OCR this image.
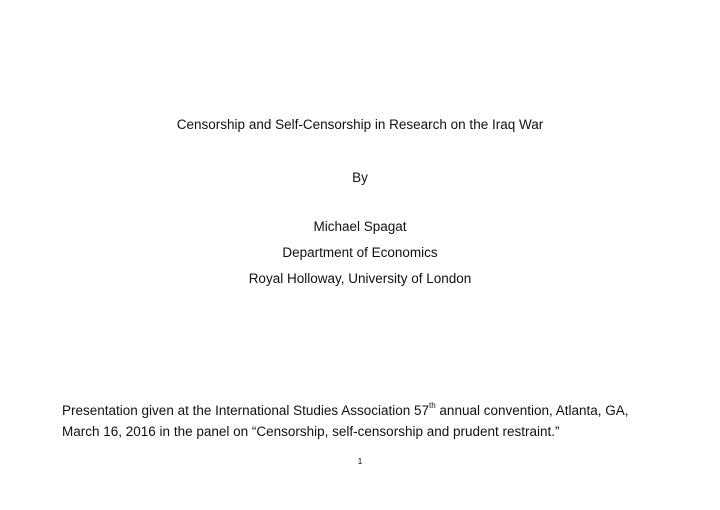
Censorship and Self-Censorship in Research on the Iraq War
By
Michael Spagat
Department of Economics
Royal Holloway, University of London
Presentation given at the International Studies Association 57th annual convention, Atlanta, GA,
March 16, 2016 in the panel on “Censorship, self-censorship and prudent restraint.”
1
